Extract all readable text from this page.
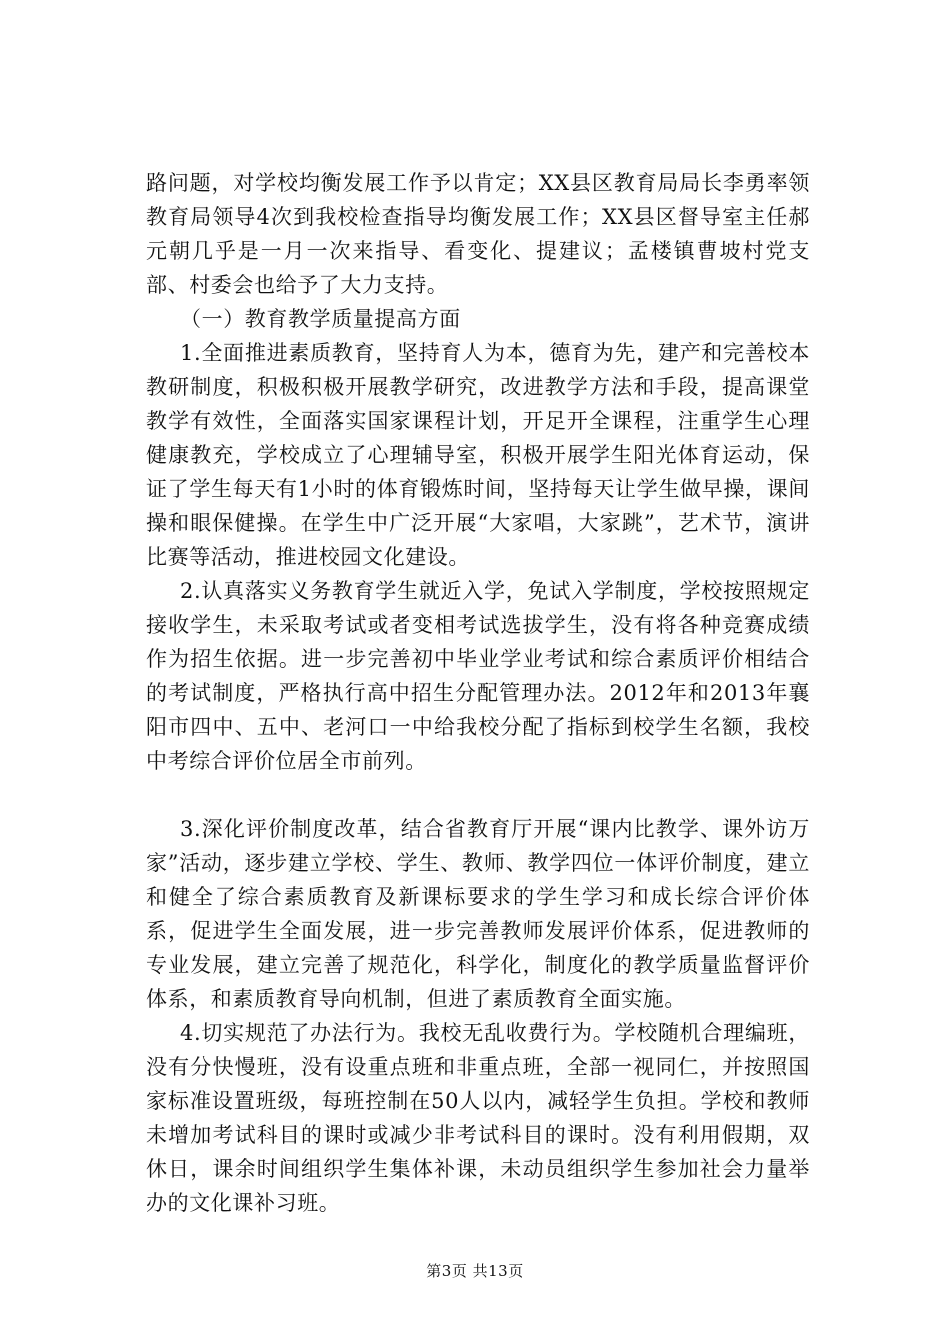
路问题，对学校均衡发展工作予以肯定；XX县区教育局局长李勇率领教育局领导4次到我校检查指导均衡发展工作；XX县区督导室主任郝元朝几乎是一月一次来指导、看变化、提建议；孟楼镇曹坡村党支部、村委会也给予了大力支持。

（一）教育教学质量提高方面

1.全面推进素质教育，坚持育人为本，德育为先，建产和完善校本教研制度，积极积极开展教学研究，改进教学方法和手段，提高课堂教学有效性，全面落实国家课程计划，开足开全课程，注重学生心理健康教充，学校成立了心理辅导室，积极开展学生阳光体育运动，保证了学生每天有1小时的体育锻炼时间，坚持每天让学生做早操，课间操和眼保健操。在学生中广泛开展“大家唱，大家跳”，艺术节，演讲比赛等活动，推进校园文化建设。

2.认真落实义务教育学生就近入学，免试入学制度，学校按照规定接收学生，未采取考试或者变相考试选拔学生，没有将各种竞赛成绩作为招生依据。进一步完善初中毕业学业考试和综合素质评价相结合的考试制度，严格执行高中招生分配管理办法。2012年和2013年襄阳市四中、五中、老河口一中给我校分配了指标到校学生名额，我校中考综合评价位居全市前列。

3.深化评价制度改革，结合省教育厅开展“课内比教学、课外访万家”活动，逐步建立学校、学生、教师、教学四位一体评价制度，建立和健全了综合素质教育及新课标要求的学生学习和成长综合评价体系，促进学生全面发展，进一步完善教师发展评价体系，促进教师的专业发展，建立完善了规范化，科学化，制度化的教学质量监督评价体系，和素质教育导向机制，但进了素质教育全面实施。

4.切实规范了办法行为。我校无乱收费行为。学校随机合理编班，没有分快慢班，没有设重点班和非重点班，全部一视同仁，并按照国家标准设置班级，每班控制在50人以内，减轻学生负担。学校和教师未增加考试科目的课时或减少非考试科目的课时。没有利用假期，双休日，课余时间组织学生集体补课，未动员组织学生参加社会力量举办的文化课补习班。

第3页 共13页
